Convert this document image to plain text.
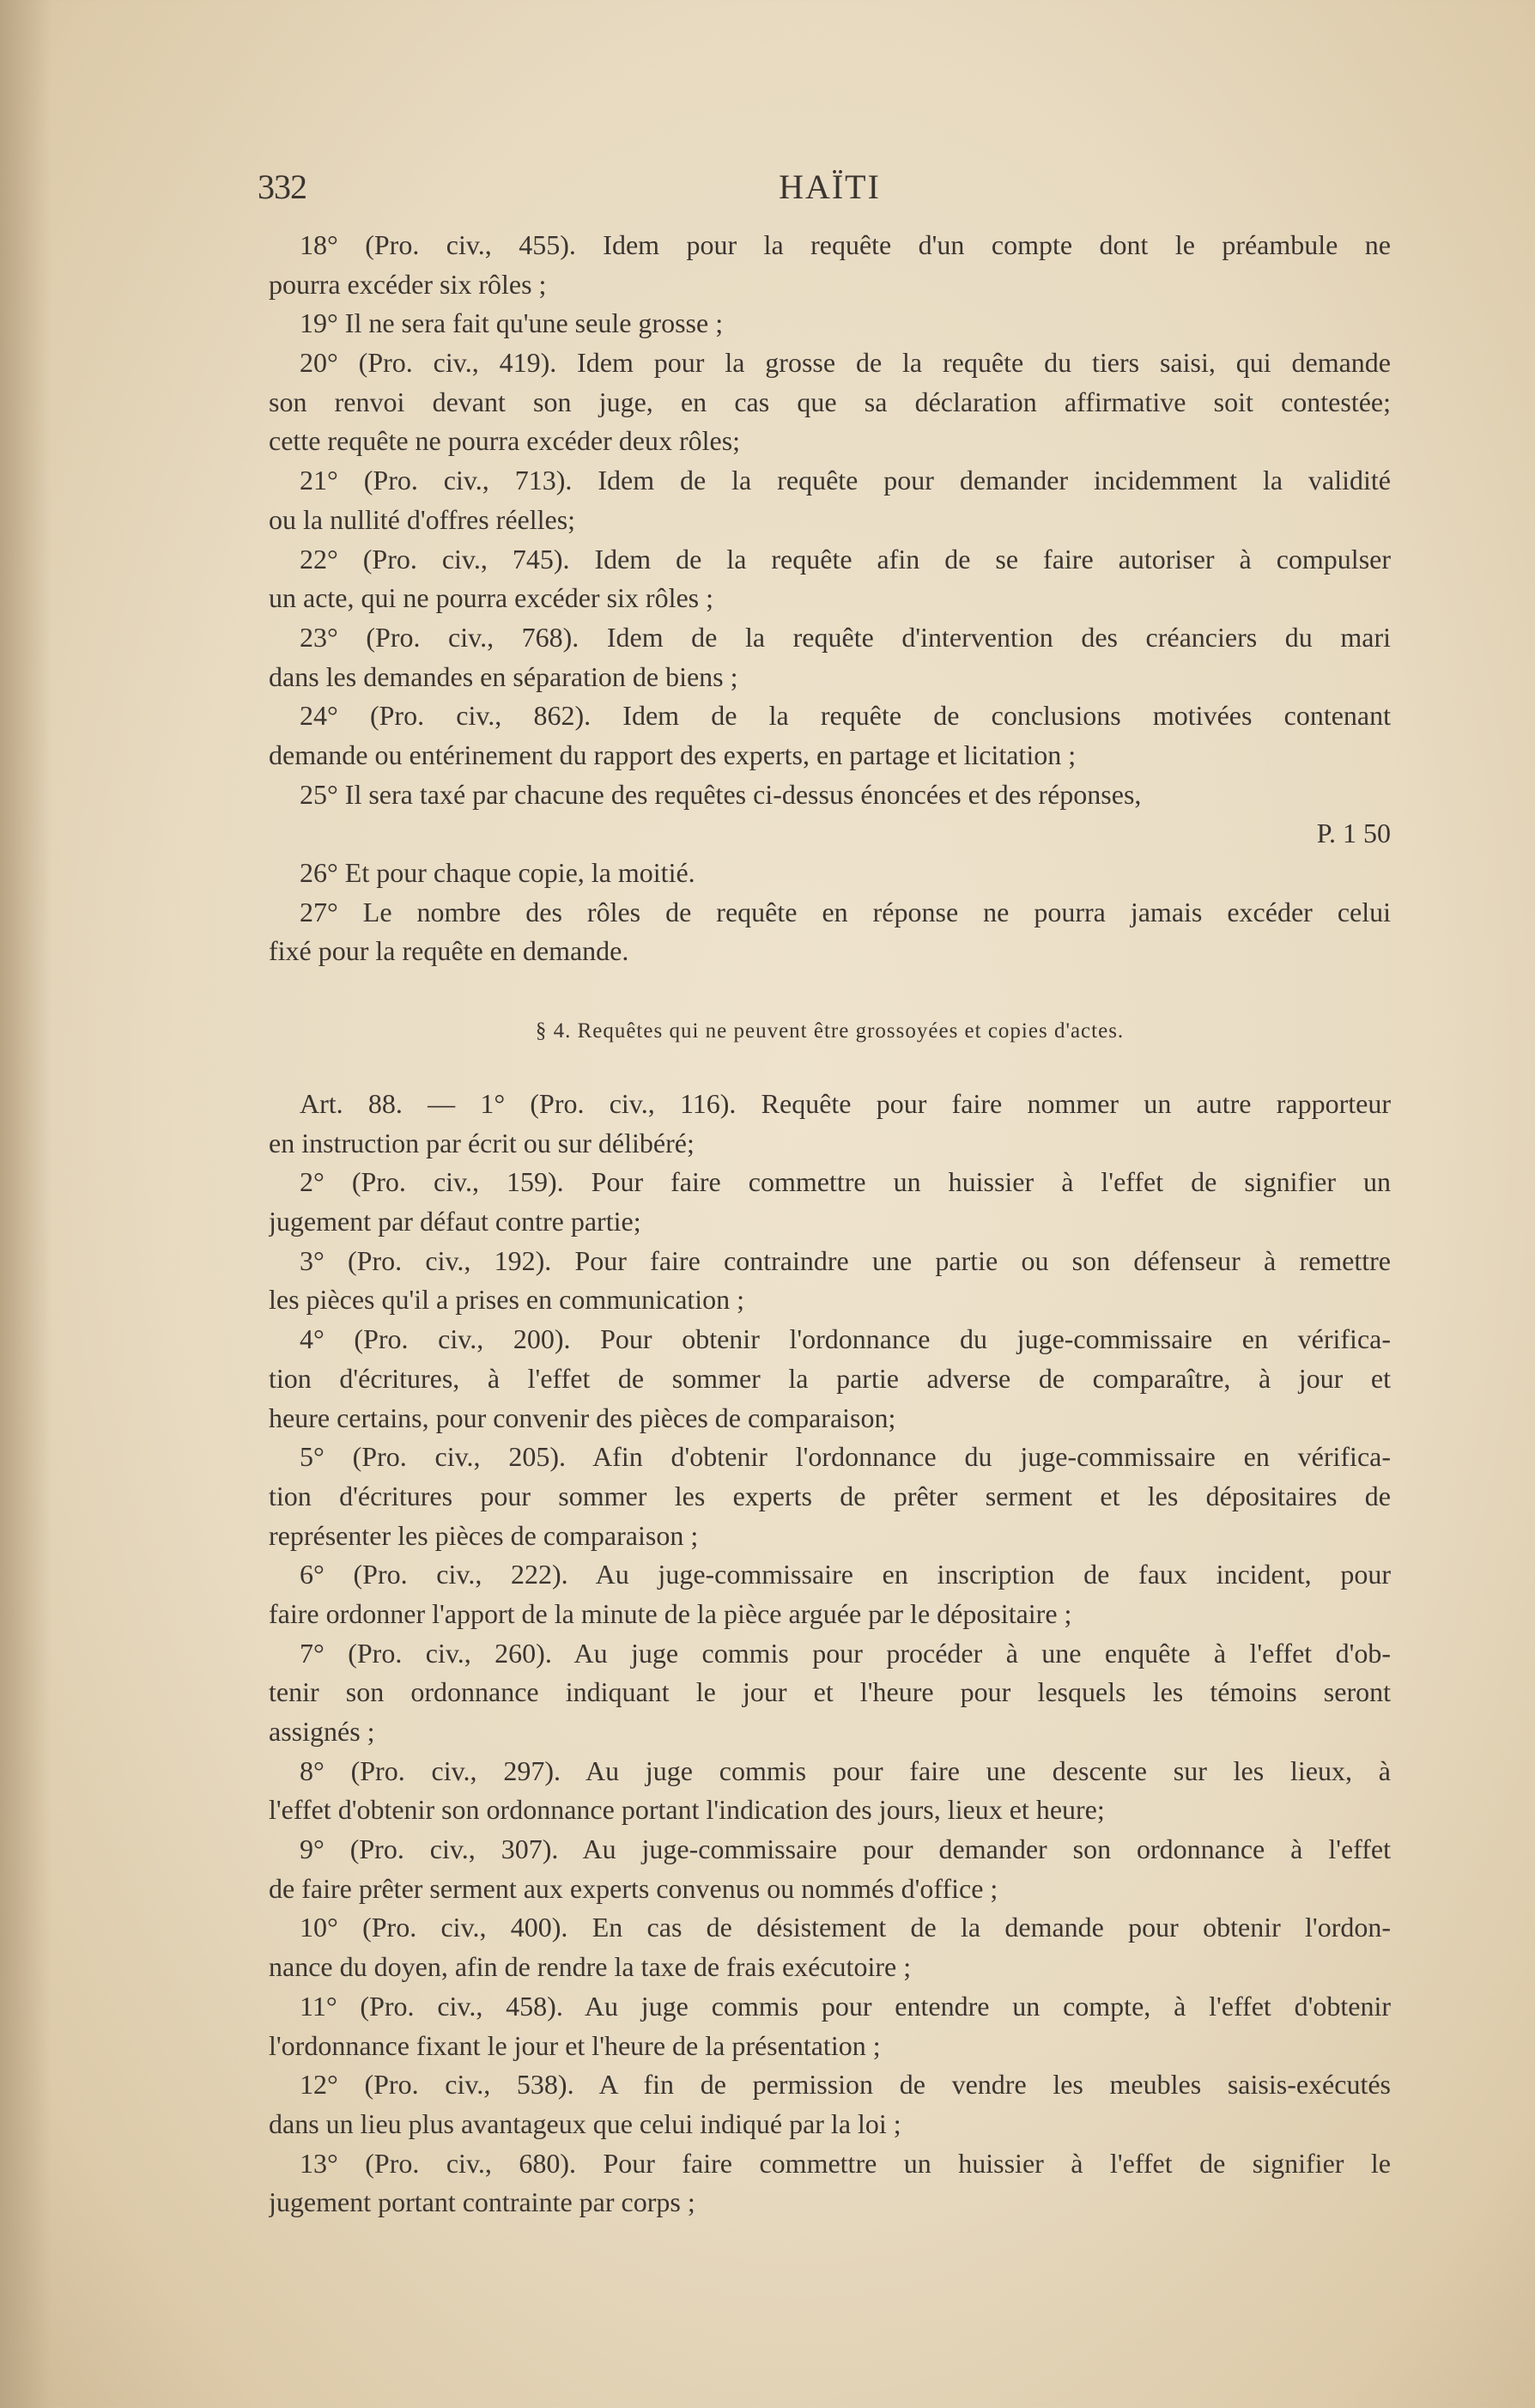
332	HAÏTI
18° (Pro. civ., 455). Idem pour la requête d'un compte dont le préambule ne
pourra excéder six rôles ;
19° Il ne sera fait qu'une seule grosse ;
20° (Pro. civ., 419). Idem pour la grosse de la requête du tiers saisi, qui demande
son renvoi devant son juge, en cas que sa déclaration affirmative soit contestée;
cette requête ne pourra excéder deux rôles;
21° (Pro. civ., 713). Idem de la requête pour demander incidemment la validité
ou la nullité d'offres réelles;
22° (Pro. civ., 745). Idem de la requête afin de se faire autoriser à compulser
un acte, qui ne pourra excéder six rôles ;
23° (Pro. civ., 768). Idem de la requête d'intervention des créanciers du mari
dans les demandes en séparation de biens ;
24° (Pro. civ., 862). Idem de la requête de conclusions motivées contenant
demande ou entérinement du rapport des experts, en partage et licitation ;
25° Il sera taxé par chacune des requêtes ci-dessus énoncées et des réponses,
P. 1 50
26° Et pour chaque copie, la moitié.
27° Le nombre des rôles de requête en réponse ne pourra jamais excéder celui
fixé pour la requête en demande.
§ 4. Requêtes qui ne peuvent être grossoyées et copies d'actes.
Art. 88. — 1° (Pro. civ., 116). Requête pour faire nommer un autre rapporteur
en instruction par écrit ou sur délibéré;
2° (Pro. civ., 159). Pour faire commettre un huissier à l'effet de signifier un
jugement par défaut contre partie;
3° (Pro. civ., 192). Pour faire contraindre une partie ou son défenseur à remettre
les pièces qu'il a prises en communication ;
4° (Pro. civ., 200). Pour obtenir l'ordonnance du juge-commissaire en vérifica-
tion d'écritures, à l'effet de sommer la partie adverse de comparaître, à jour et
heure certains, pour convenir des pièces de comparaison;
5° (Pro. civ., 205). Afin d'obtenir l'ordonnance du juge-commissaire en vérifica-
tion d'écritures pour sommer les experts de prêter serment et les dépositaires de
représenter les pièces de comparaison ;
6° (Pro. civ., 222). Au juge-commissaire en inscription de faux incident, pour
faire ordonner l'apport de la minute de la pièce arguée par le dépositaire ;
7° (Pro. civ., 260). Au juge commis pour procéder à une enquête à l'effet d'ob-
tenir son ordonnance indiquant le jour et l'heure pour lesquels les témoins seront
assignés ;
8° (Pro. civ., 297). Au juge commis pour faire une descente sur les lieux, à
l'effet d'obtenir son ordonnance portant l'indication des jours, lieux et heure;
9° (Pro. civ., 307). Au juge-commissaire pour demander son ordonnance à l'effet
de faire prêter serment aux experts convenus ou nommés d'office ;
10° (Pro. civ., 400). En cas de désistement de la demande pour obtenir l'ordon-
nance du doyen, afin de rendre la taxe de frais exécutoire ;
11° (Pro. civ., 458). Au juge commis pour entendre un compte, à l'effet d'obtenir
l'ordonnance fixant le jour et l'heure de la présentation ;
12° (Pro. civ., 538). A fin de permission de vendre les meubles saisis-exécutés
dans un lieu plus avantageux que celui indiqué par la loi ;
13° (Pro. civ., 680). Pour faire commettre un huissier à l'effet de signifier le
jugement portant contrainte par corps ;
